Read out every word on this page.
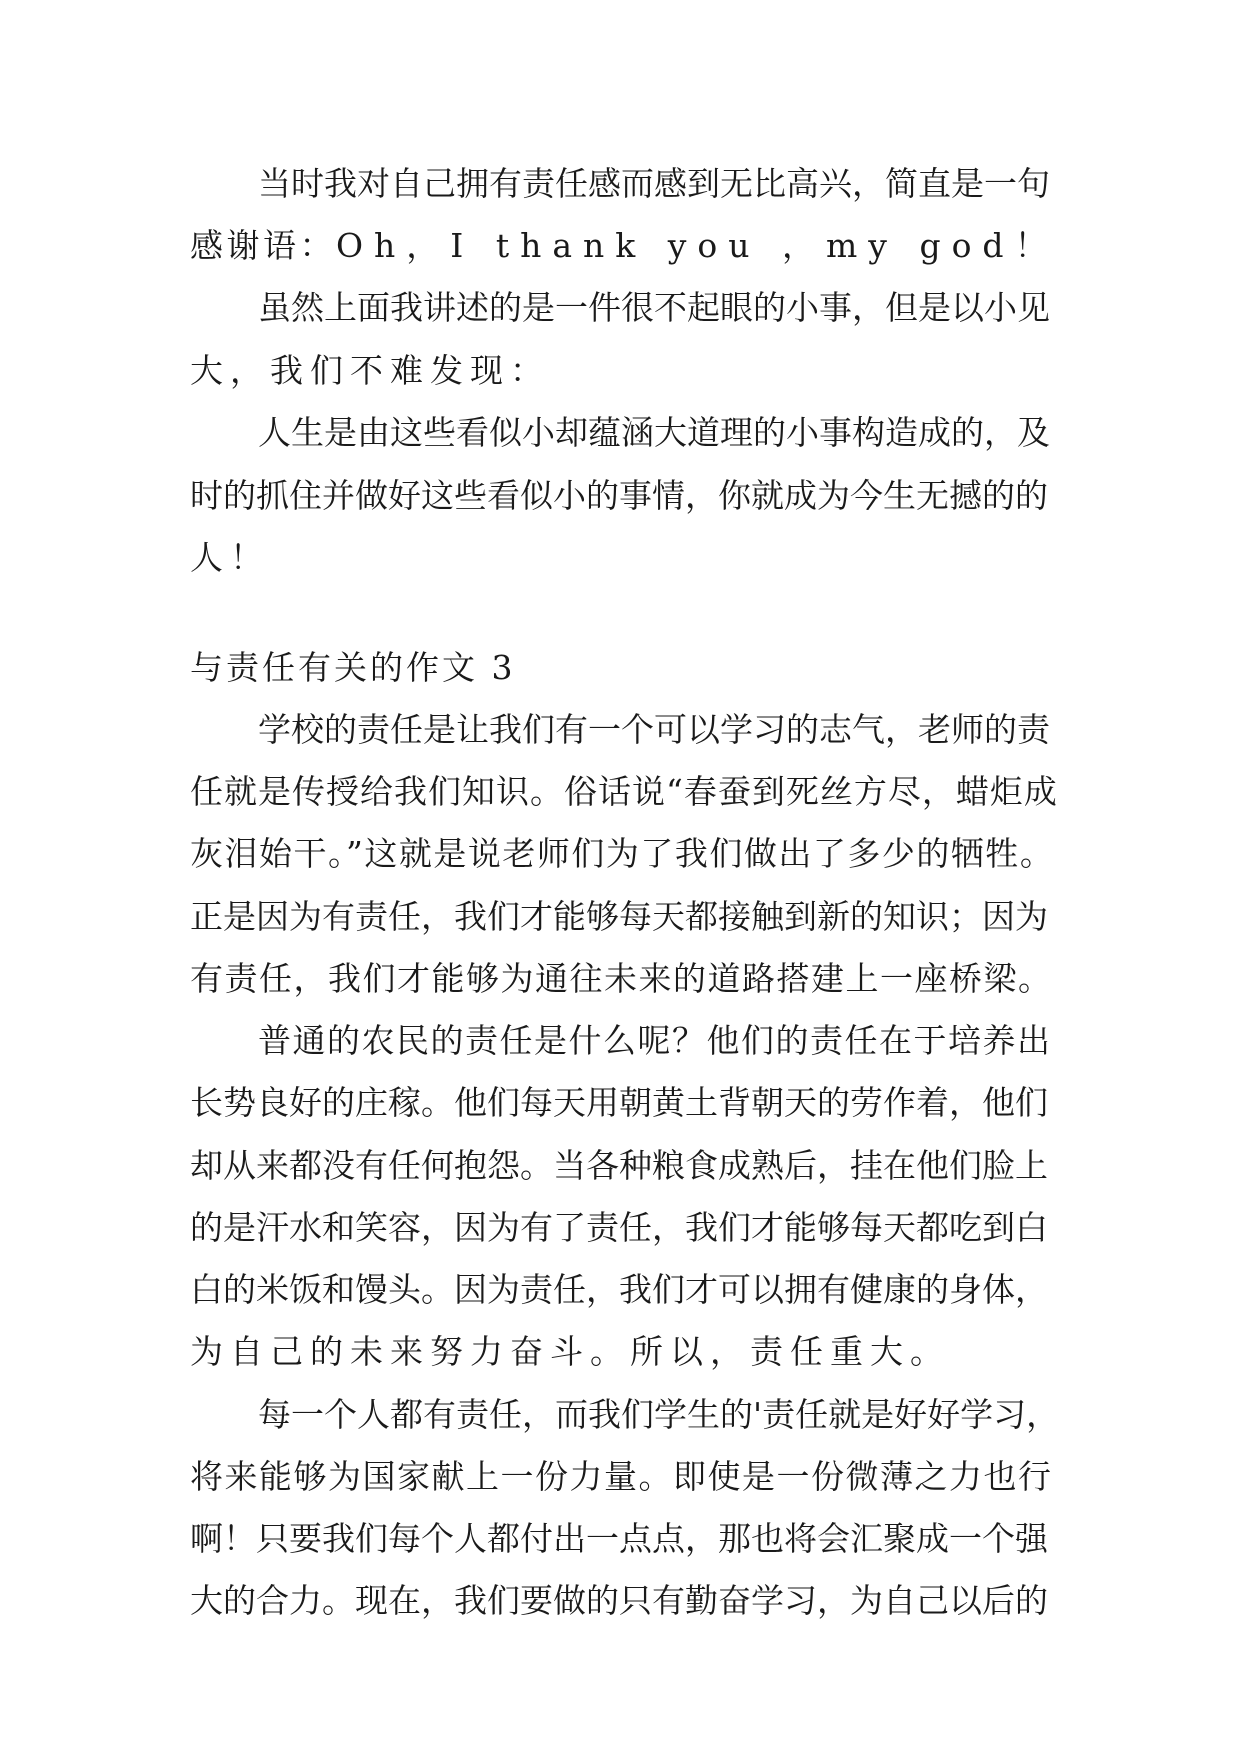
当时我对自己拥有责任感而感到无比高兴，简直是一句
感谢语：Oh，I thank you ，my god！
虽然上面我讲述的是一件很不起眼的小事，但是以小见
大，我们不难发现：
人生是由这些看似小却蕴涵大道理的小事构造成的，及
时的抓住并做好这些看似小的事情，你就成为今生无撼的的
人！
与责任有关的作文 3
学校的责任是让我们有一个可以学习的志气，老师的责
任就是传授给我们知识。俗话说“春蚕到死丝方尽，蜡炬成
灰泪始干。”这就是说老师们为了我们做出了多少的牺牲。
正是因为有责任，我们才能够每天都接触到新的知识；因为
有责任，我们才能够为通往未来的道路搭建上一座桥梁。
普通的农民的责任是什么呢？他们的责任在于培养出
长势良好的庄稼。他们每天用朝黄土背朝天的劳作着，他们
却从来都没有任何抱怨。当各种粮食成熟后，挂在他们脸上
的是汗水和笑容，因为有了责任，我们才能够每天都吃到白
白的米饭和馒头。因为责任，我们才可以拥有健康的身体，
为自己的未来努力奋斗。所以，责任重大。
每一个人都有责任，而我们学生的'责任就是好好学习，
将来能够为国家献上一份力量。即使是一份微薄之力也行
啊！只要我们每个人都付出一点点，那也将会汇聚成一个强
大的合力。现在，我们要做的只有勤奋学习，为自己以后的
